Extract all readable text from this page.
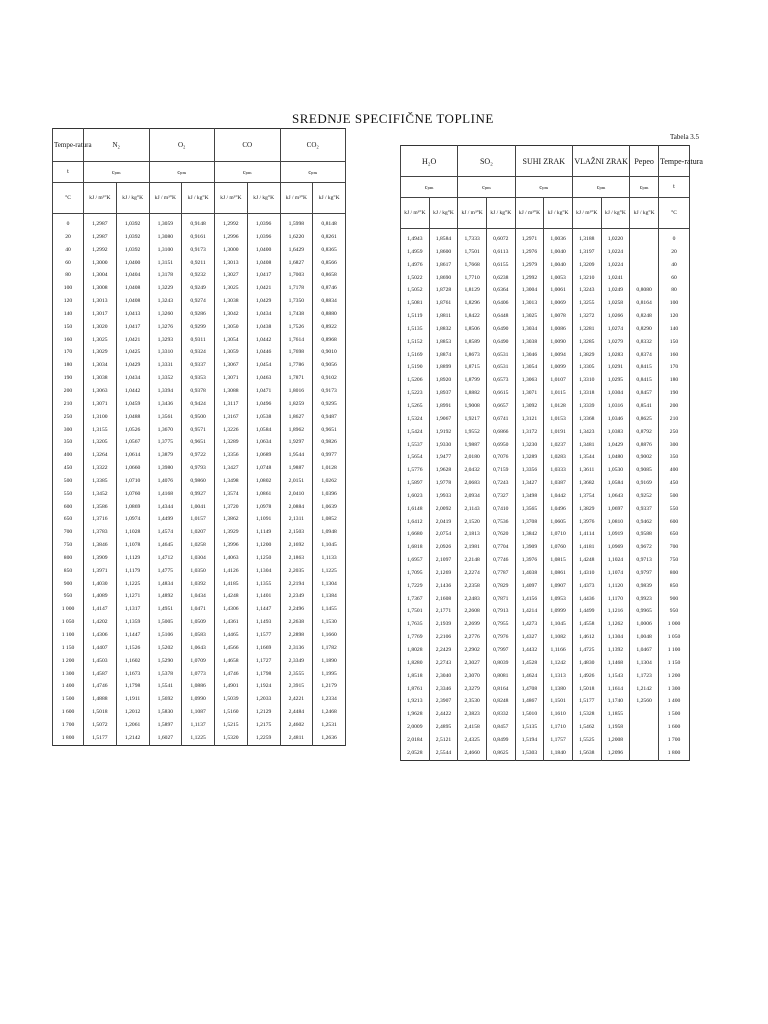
SREDNJE SPECIFIČNE TOPLINE
Tabela 3.5
Tempe-ratura	N₂		O₂		CO		CO₂	
t	cₚₘ		cₚₘ		cₚₘ		cₚₘ	
°C	kJ / m³°K	kJ / kg°K	kJ / m³°K	kJ / kg°K	kJ / m³°K	kJ / kg°K	kJ / m³°K	kJ / kg°K
0	1,2987	1,0392	1,3059	0,9148	1,2992	1,0396	1,5998	0,8148
20	1,2987	1,0392	1,3080	0,9161	1,2996	1,0396	1,6220	0,8261
40	1,2992	1,0392	1,3100	0,9173	1,3000	1,0400	1,6429	0,8365
60	1,3000	1,0400	1,3151	0,9211	1,3013	1,0408	1,6827	0,8566
80	1,3004	1,0404	1,3178	0,9232	1,3027	1,0417	1,7003	0,8658
100	1,3008	1,0408	1,3229	0,9249	1,3025	1,0421	1,7178	0,8746
120	1,3013	1,0408	1,3243	0,9274	1,3038	1,0429	1,7350	0,8834
140	1,3017	1,0413	1,3260	0,9286	1,3042	1,0434	1,7438	0,8880
150	1,3020	1,0417	1,3276	0,9299	1,3050	1,0438	1,7526	0,8922
160	1,3025	1,0421	1,3293	0,9311	1,3054	1,0442	1,7614	0,8968
170	1,3029	1,0425	1,3310	0,9324	1,3059	1,0446	1,7698	0,9010
180	1,3034	1,0429	1,3331	0,9337	1,3067	1,0454	1,7786	0,9056
190	1,3038	1,0434	1,3352	0,9353	1,3071	1,0463	1,7871	0,9102
200	1,3063	1,0442	1,3394	0,9378	1,3088	1,0471	1,8016	0,9173
210	1,3071	1,0459	1,3436	0,9424	1,3117	1,0496	1,8259	0,9295
250	1,3100	1,0488	1,3561	0,9500	1,3167	1,0538	1,8627	0,9487
300	1,3155	1,0526	1,3670	0,9571	1,3226	1,0584	1,8962	0,9651
350	1,3205	1,0567	1,3775	0,9651	1,3289	1,0634	1,9297	0,9826
400	1,3264	1,0614	1,3879	0,9722	1,3356	1,0689	1,9544	0,9977
450	1,3322	1,0660	1,3980	0,9793	1,3427	1,0748	1,9887	1,0128
500	1,3385	1,0710	1,4076	0,9860	1,3498	1,0802	2,0151	1,0262
550	1,3452	1,0760	1,4168	0,9927	1,3574	1,0861	2,0410	1,0396
600	1,3586	1,0869	1,4344	1,0041	1,3720	1,0978	2,0884	1,0639
650	1,3716	1,0974	1,4499	1,0157	1,3862	1,1091	2,1311	1,0852
700	1,3783	1,1028	1,4574	1,0207	1,3929	1,1149	2,1503	1,0948
750	1,3846	1,1078	1,4645	1,0258	1,3996	1,1200	2,1692	1,1045
800	1,3909	1,1129	1,4712	1,0304	1,4063	1,1250	2,1863	1,1133
850	1,3971	1,1179	1,4775	1,0350	1,4126	1,1304	2,2035	1,1225
900	1,4030	1,1225	1,4834	1,0392	1,4185	1,1355	2,2194	1,1304
950	1,4089	1,1271	1,4892	1,0434	1,4248	1,1401	2,2349	1,1384
1 000	1,4147	1,1317	1,4951	1,0471	1,4306	1,1447	2,2496	1,1455
1 050	1,4202	1,1359	1,5005	1,0509	1,4361	1,1493	2,2638	1,1530
1 100	1,4306	1,1447	1,5106	1,0583	1,4465	1,1577	2,2898	1,1660
1 150	1,4407	1,1526	1,5202	1,0643	1,4566	1,1669	2,3136	1,1782
1 200	1,4503	1,1602	1,5290	1,0709	1,4658	1,1727	2,3349	1,1890
1 300	1,4587	1,1673	1,5378	1,0773	1,4746	1,1798	2,3555	1,1995
1 400	1,4746	1,1798	1,5541	1,0886	1,4901	1,1924	2,3915	1,2179
1 500	1,4888	1,1911	1,5692	1,0990	1,5039	1,2033	2,4221	1,2334
1 600	1,5018	1,2012	1,5830	1,1087	1,5160	1,2129	2,4484	1,2468
1 700	1,5072	1,2061	1,5897	1,1137	1,5215	1,2175	2,4602	1,2531
1 800	1,5177	1,2142	1,6027	1,1225	1,5320	1,2259	2,4811	1,2636
H₂O		SO₂		SUHI ZRAK		VLAŽNI ZRAK		Pepeo	Tempe-ratura
cₚₘ		cₚₘ		cₚₘ		cₚₘ		cₚₘ	t
kJ / m³°K	kJ / kg°K	kJ / m³°K	kJ / kg°K	kJ / m³°K	kJ / kg°K	kJ / m³°K	kJ / kg°K	kJ / kg°K	°C
1,4943	1,8584	1,7333	0,6072	1,2971	1,0036	1,3188	1,0220		0
1,4959	1,8600	1,7501	0,6113	1,2976	1,0040	1,3197	1,0224		20
1,4976	1,8617	1,7668	0,6155	1,2979	1,0040	1,3209	1,0224		40
1,5022	1,8690	1,7710	0,6238	1,2992	1,0053	1,3210	1,0241		60
1,5052	1,8728	1,8129	0,6364	1,3004	1,0061	1,3243	1,0249	0,8080	80
1,5081	1,8761	1,8296	0,6406	1,3013	1,0069	1,3255	1,0258	0,8164	100
1,5119	1,8811	1,8422	0,6448	1,3025	1,0078	1,3272	1,0266	0,8248	120
1,5135	1,8832	1,8506	0,6490	1,3034	1,0086	1,3281	1,0274	0,8290	140
1,5152	1,8853	1,8589	0,6490	1,3038	1,0090	1,3285	1,0279	0,8332	150
1,5169	1,8874	1,8673	0,6531	1,3046	1,0094	1,3829	1,0283	0,8374	160
1,5190	1,8899	1,8715	0,6531	1,3054	1,0099	1,3305	1,0291	0,8415	170
1,5206	1,8920	1,8799	0,6573	1,3063	1,0107	1,3310	1,0295	0,8415	180
1,5223	1,8937	1,8882	0,6615	1,3071	1,0115	1,3318	1,0304	0,8457	190
1,5265	1,8991	1,9008	0,6657	1,3092	1,0128	1,3339	1,0316	0,8541	200
1,5324	1,9067	1,9217	0,6741	1,3121	1,0153	1,3368	1,0346	0,8625	210
1,5424	1,9192	1,9552	0,6866	1,3172	1,0191	1,3423	1,0383	0,8792	250
1,5537	1,9330	1,9887	0,6950	1,3230	1,0237	1,3481	1,0429	0,8876	300
1,5654	1,9477	2,0180	0,7076	1,3289	1,0283	1,3544	1,0480	0,9002	350
1,5776	1,9628	2,0432	0,7159	1,3356	1,0333	1,3611	1,0530	0,9085	400
1,5897	1,9778	2,0683	0,7243	1,3427	1,0387	1,3682	1,0584	0,9169	450
1,6023	1,9933	2,0934	0,7327	1,3498	1,0442	1,3754	1,0643	0,9252	500
1,6148	2,0092	2,1143	0,7410	1,3565	1,0496	1,3829	1,0697	0,9337	550
1,6412	2,0419	2,1520	0,7536	1,3708	1,0605	1,3976	1,0810	0,9462	600
1,6680	2,0754	2,1813	0,7620	1,3842	1,0710	1,4114	1,0919	0,9588	650
1,6818	2,0926	2,1981	0,7704	1,3909	1,0760	1,4181	1,0969	0,9672	700
1,6957	2,1097	2,2148	0,7746	1,3976	1,0815	1,4248	1,1024	0,9713	750
1,7095	2,1269	2,2274	0,7787	1,4038	1,0861	1,4310	1,1074	0,9797	800
1,7229	2,1436	2,2358	0,7829	1,4097	1,0907	1,4373	1,1120	0,9839	850
1,7367	2,1608	2,2483	0,7871	1,4156	1,0953	1,4436	1,1170	0,9923	900
1,7501	2,1771	2,2608	0,7913	1,4214	1,0999	1,4499	1,1216	0,9965	950
1,7635	2,1939	2,2699	0,7955	1,4273	1,1045	1,4558	1,1262	1,0006	1 000
1,7769	2,2106	2,2776	0,7976	1,4327	1,1082	1,4612	1,1304	1,0048	1 050
1,8028	2,2429	2,2902	0,7997	1,4432	1,1166	1,4725	1,1392	1,0467	1 100
1,8280	2,2743	2,3027	0,8039	1,4528	1,1242	1,4830	1,1468	1,1304	1 150
1,8518	2,3040	2,3070	0,8081	1,4624	1,1313	1,4926	1,1543	1,1723	1 200
1,8761	2,3346	2,3279	0,8164	1,4708	1,1380	1,5018	1,1614	1,2142	1 300
1,9213	2,3907	2,3530	0,8248	1,4867	1,1501	1,5177	1,1740	1,2560	1 400
1,9628	2,4422	2,3823	0,8332	1,5010	1,1610	1,5328	1,1855		1 500
2,0009	2,4895	2,4158	0,8457	1,5135	1,1710	1,5462	1,1958		1 600
2,0184	2,5121	2,4325	0,8499	1,5194	1,1757	1,5525	1,2008		1 700
2,0528	2,5544	2,4660	0,8625	1,5303	1,1840	1,5638	1,2096		1 800
